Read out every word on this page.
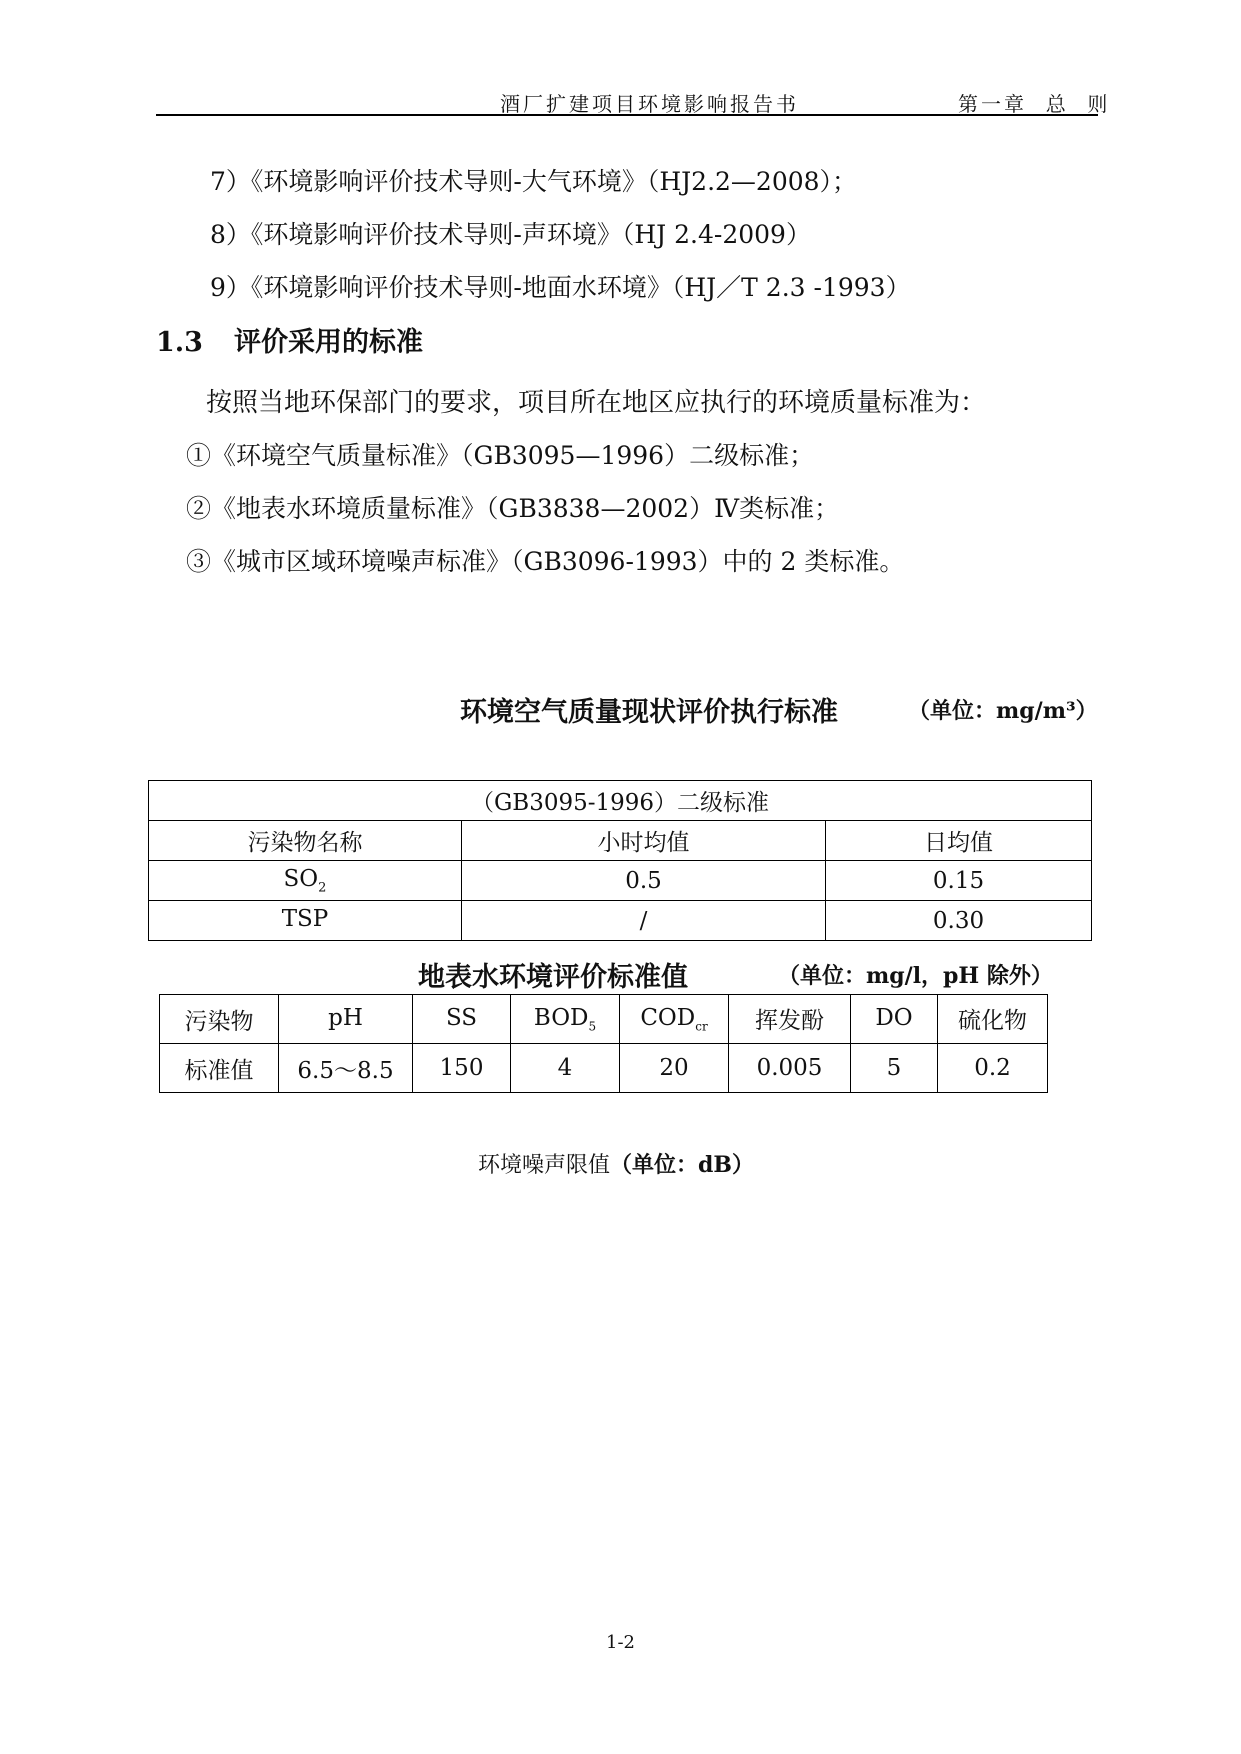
酒厂扩建项目环境影响报告书	第一章  总  则
7）《环境影响评价技术导则-大气环境》（HJ2.2—2008）；
8）《环境影响评价技术导则-声环境》（HJ 2.4-2009）
9）《环境影响评价技术导则-地面水环境》（HJ／T 2.3 -1993）
1.3 评价采用的标准
按照当地环保部门的要求，项目所在地区应执行的环境质量标准为：
①《环境空气质量标准》（GB3095—1996）二级标准；
②《地表水环境质量标准》（GB3838—2002）Ⅳ类标准；
③《城市区域环境噪声标准》（GB3096-1993）中的 2 类标准。
环境空气质量现状评价执行标准	（单位：mg/m³）
（GB3095-1996）二级标准		
污染物名称	小时均值	日均值
$SO_2$	0.5	0.15
TSP	/	0.30
地表水环境评价标准值	（单位：mg/l，pH 除外）
污染物	pH	SS	$BOD_5$	$COD_{cr}$	挥发酚	DO	硫化物
标准值	6.5～8.5	150	4	20	0.005	5	0.2
环境噪声限值（单位：dB）
1-2
